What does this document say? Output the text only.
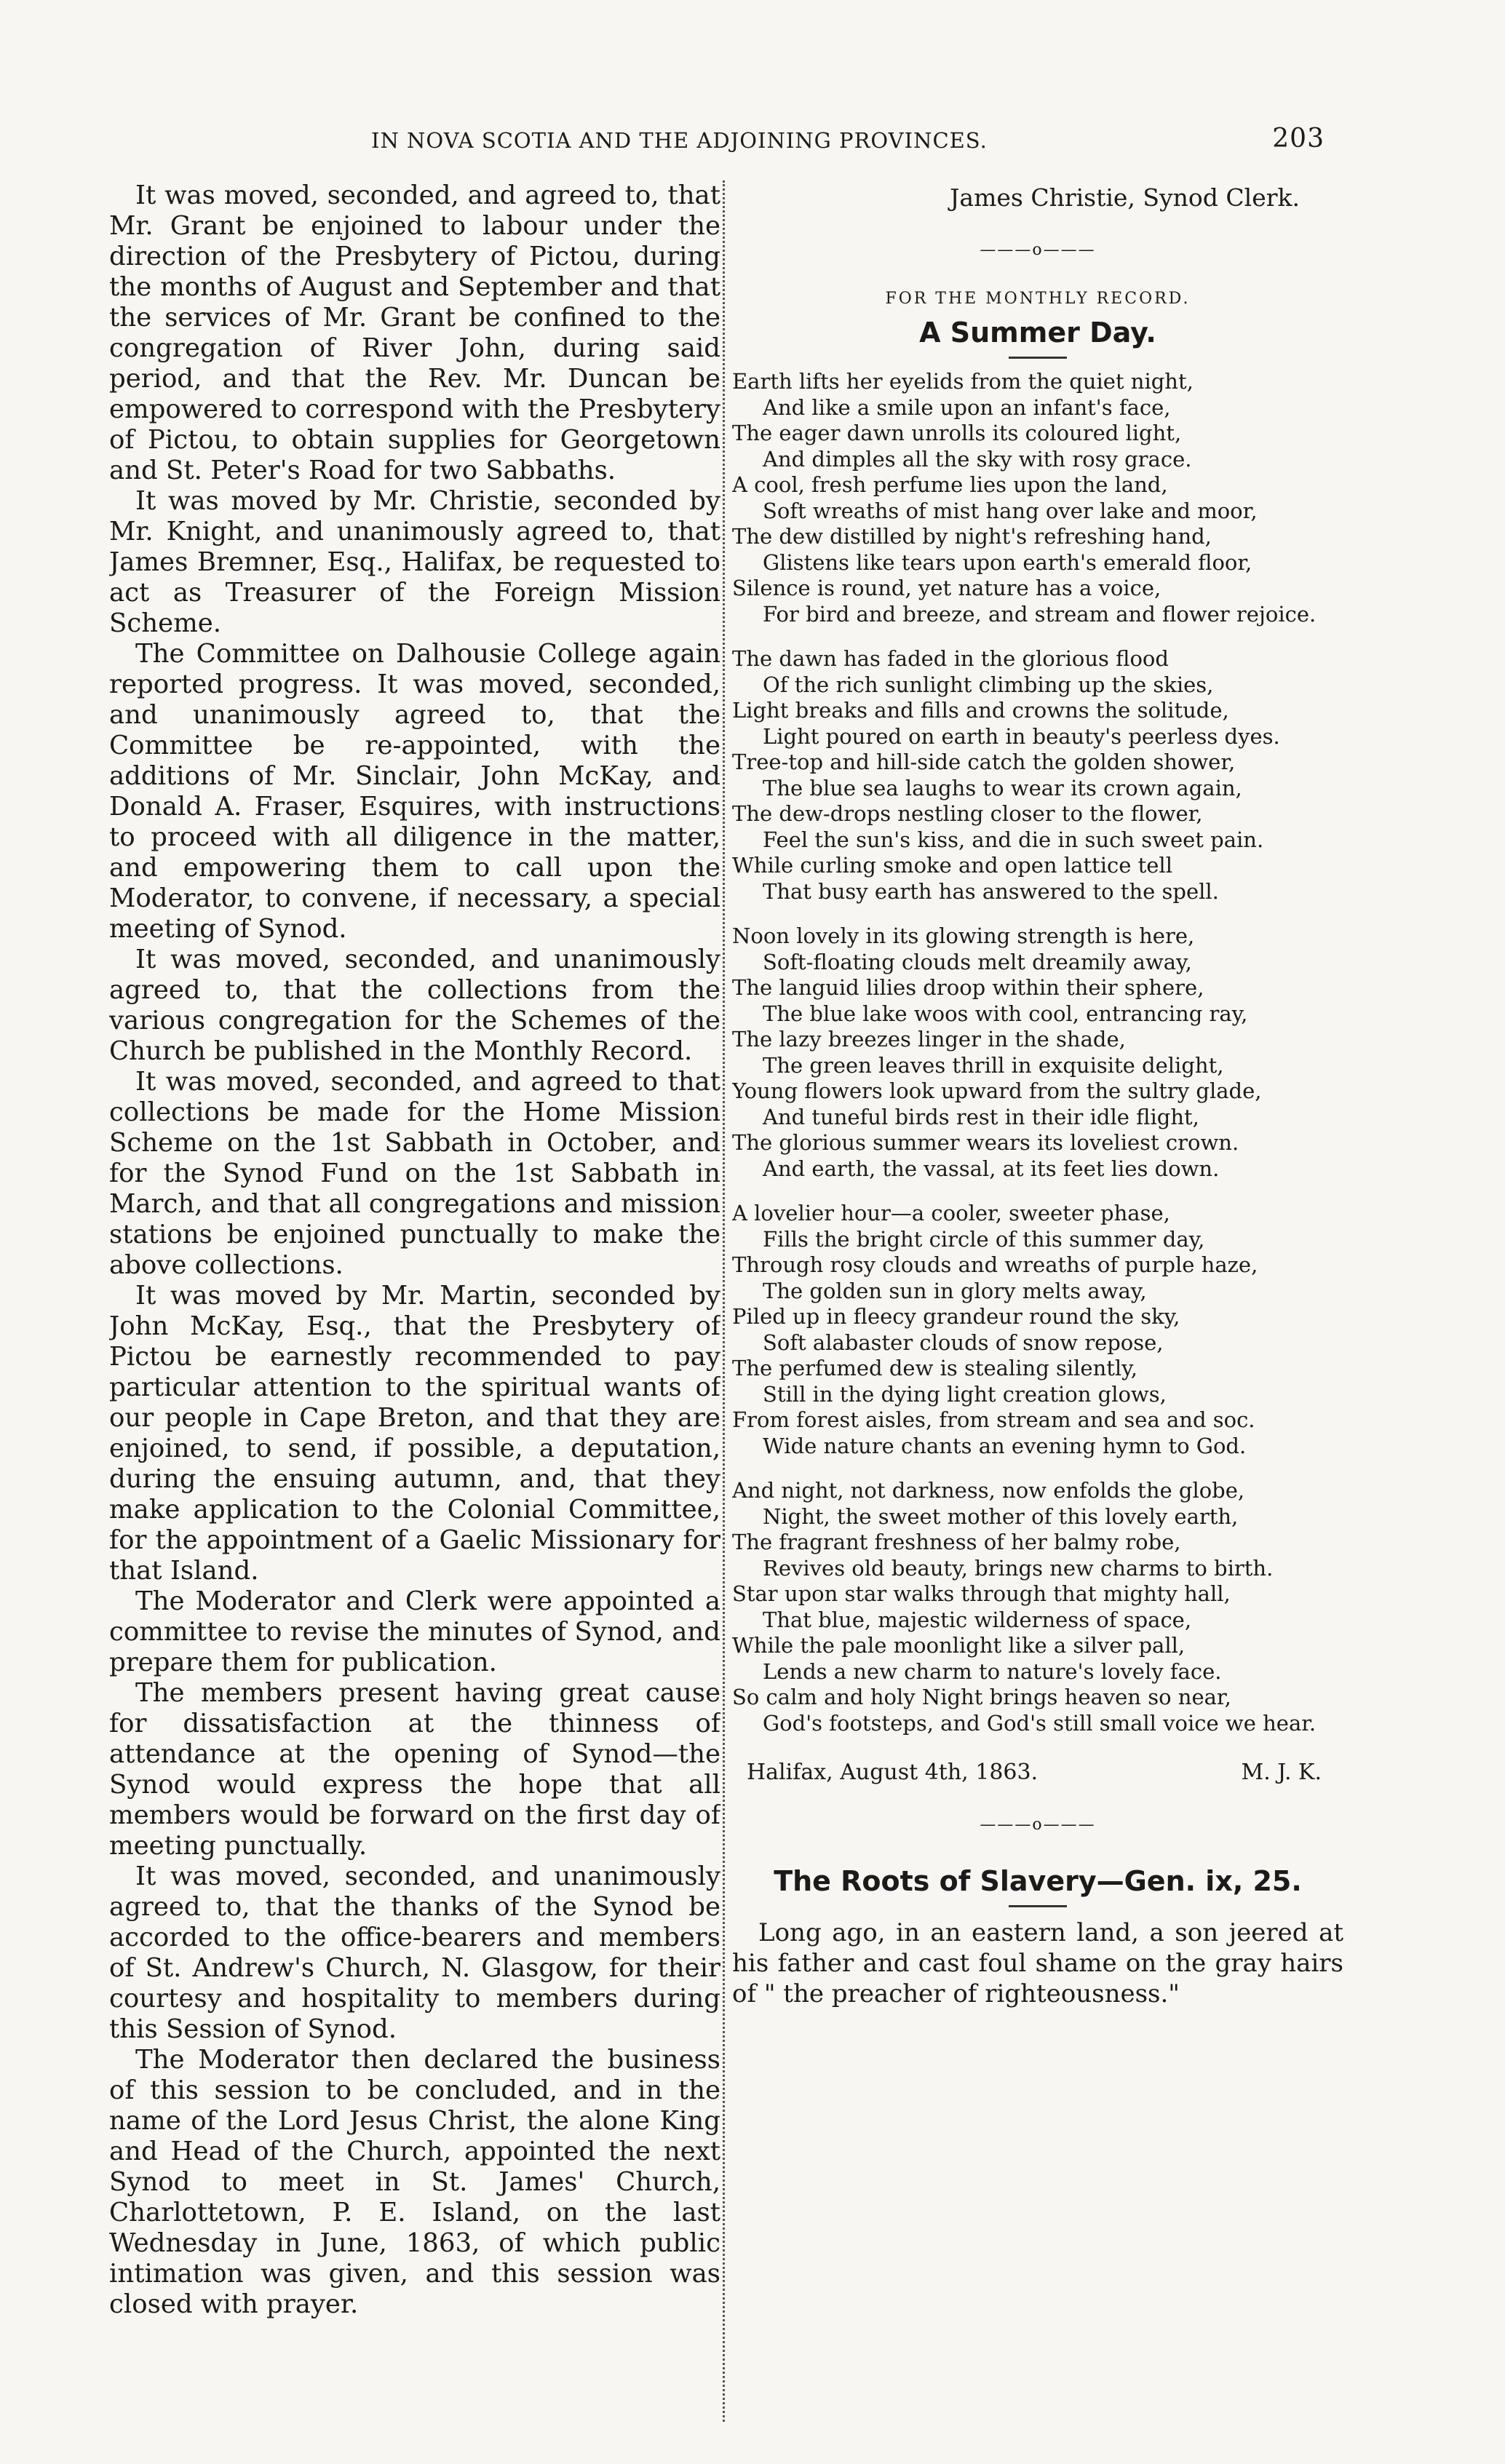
IN NOVA SCOTIA AND THE ADJOINING PROVINCES.	203

It was moved, seconded, and agreed to, that Mr. Grant be enjoined to labour under the direction of the Presbytery of Pictou, during the months of August and September and that the services of Mr. Grant be confined to the congregation of River John, during said period, and that the Rev. Mr. Duncan be empowered to correspond with the Presbytery of Pictou, to obtain supplies for Georgetown and St. Peter's Road for two Sabbaths.

It was moved by Mr. Christie, seconded by Mr. Knight, and unanimously agreed to, that James Bremner, Esq., Halifax, be requested to act as Treasurer of the Foreign Mission Scheme.

The Committee on Dalhousie College again reported progress. It was moved, seconded, and unanimously agreed to, that the Committee be re-appointed, with the additions of Mr. Sinclair, John McKay, and Donald A. Fraser, Esquires, with instructions to proceed with all diligence in the matter, and empowering them to call upon the Moderator, to convene, if necessary, a special meeting of Synod.

It was moved, seconded, and unanimously agreed to, that the collections from the various congregation for the Schemes of the Church be published in the Monthly Record.

It was moved, seconded, and agreed to that collections be made for the Home Mission Scheme on the 1st Sabbath in October, and for the Synod Fund on the 1st Sabbath in March, and that all congregations and mission stations be enjoined punctually to make the above collections.

It was moved by Mr. Martin, seconded by John McKay, Esq., that the Presbytery of Pictou be earnestly recommended to pay particular attention to the spiritual wants of our people in Cape Breton, and that they are enjoined, to send, if possible, a deputation, during the ensuing autumn, and, that they make application to the Colonial Committee, for the appointment of a Gaelic Missionary for that Island.

The Moderator and Clerk were appointed a committee to revise the minutes of Synod, and prepare them for publication.

The members present having great cause for dissatisfaction at the thinness of attendance at the opening of Synod—the Synod would express the hope that all members would be forward on the first day of meeting punctually.

It was moved, seconded, and unanimously agreed to, that the thanks of the Synod be accorded to the office-bearers and members of St. Andrew's Church, N. Glasgow, for their courtesy and hospitality to members during this Session of Synod.

The Moderator then declared the business of this session to be concluded, and in the name of the Lord Jesus Christ, the alone King and Head of the Church, appointed the next Synod to meet in St. James' Church, Charlottetown, P. E. Island, on the last Wednesday in June, 1863, of which public intimation was given, and this session was closed with prayer.

James Christie, Synod Clerk.
———o———
FOR THE MONTHLY RECORD.
A Summer Day.
Earth lifts her eyelids from the quiet night,
And like a smile upon an infant's face,
The eager dawn unrolls its coloured light,
And dimples all the sky with rosy grace.
A cool, fresh perfume lies upon the land,
Soft wreaths of mist hang over lake and moor,
The dew distilled by night's refreshing hand,
Glistens like tears upon earth's emerald floor,
Silence is round, yet nature has a voice,
For bird and breeze, and stream and flower rejoice.
The dawn has faded in the glorious flood
Of the rich sunlight climbing up the skies,
Light breaks and fills and crowns the solitude,
Light poured on earth in beauty's peerless dyes.
Tree-top and hill-side catch the golden shower,
The blue sea laughs to wear its crown again,
The dew-drops nestling closer to the flower,
Feel the sun's kiss, and die in such sweet pain.
While curling smoke and open lattice tell
That busy earth has answered to the spell.
Noon lovely in its glowing strength is here,
Soft-floating clouds melt dreamily away,
The languid lilies droop within their sphere,
The blue lake woos with cool, entrancing ray,
The lazy breezes linger in the shade,
The green leaves thrill in exquisite delight,
Young flowers look upward from the sultry glade,
And tuneful birds rest in their idle flight,
The glorious summer wears its loveliest crown.
And earth, the vassal, at its feet lies down.
A lovelier hour—a cooler, sweeter phase,
Fills the bright circle of this summer day,
Through rosy clouds and wreaths of purple haze,
The golden sun in glory melts away,
Piled up in fleecy grandeur round the sky,
Soft alabaster clouds of snow repose,
The perfumed dew is stealing silently,
Still in the dying light creation glows,
From forest aisles, from stream and sea and soc.
Wide nature chants an evening hymn to God.
And night, not darkness, now enfolds the globe,
Night, the sweet mother of this lovely earth,
The fragrant freshness of her balmy robe,
Revives old beauty, brings new charms to birth.
Star upon star walks through that mighty hall,
That blue, majestic wilderness of space,
While the pale moonlight like a silver pall,
Lends a new charm to nature's lovely face.
So calm and holy Night brings heaven so near,
God's footsteps, and God's still small voice we hear.
Halifax, August 4th, 1863.	M. J. K.
———o———
The Roots of Slavery—Gen. ix, 25.

Long ago, in an eastern land, a son jeered at his father and cast foul shame on the gray hairs of " the preacher of righteousness."
